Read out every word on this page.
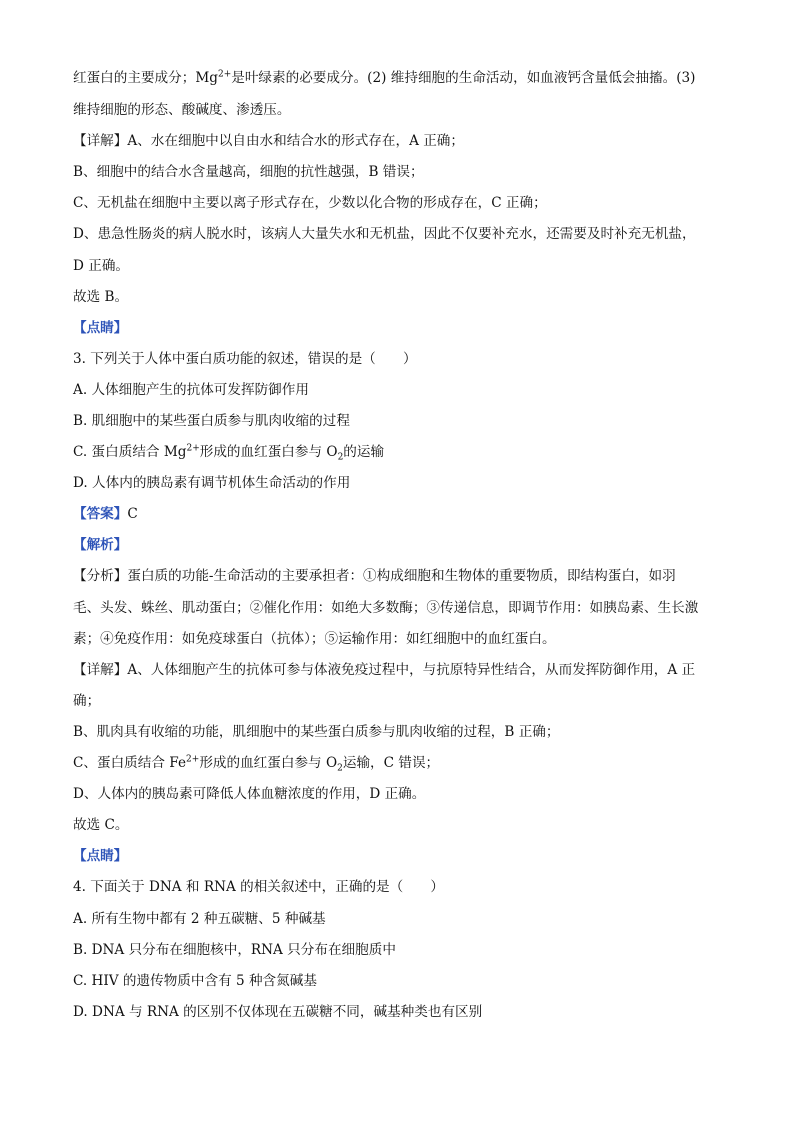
红蛋白的主要成分；$Mg^{2+}$是叶绿素的必要成分。(2) 维持细胞的生命活动，如血液钙含量低会抽搐。(3)
维持细胞的形态、酸碱度、渗透压。
【详解】A、水在细胞中以自由水和结合水的形式存在，A 正确；
B、细胞中的结合水含量越高，细胞的抗性越强，B 错误；
C、无机盐在细胞中主要以离子形式存在，少数以化合物的形成存在，C 正确；
D、患急性肠炎的病人脱水时，该病人大量失水和无机盐，因此不仅要补充水，还需要及时补充无机盐，
D 正确。
故选 B。
【点睛】
3. 下列关于人体中蛋白质功能的叙述，错误的是（　　）
A. 人体细胞产生的抗体可发挥防御作用
B. 肌细胞中的某些蛋白质参与肌肉收缩的过程
C. 蛋白质结合 $Mg^{2+}$形成的血红蛋白参与 $O_2$的运输
D. 人体内的胰岛素有调节机体生命活动的作用
【答案】C
【解析】
【分析】蛋白质的功能-生命活动的主要承担者：①构成细胞和生物体的重要物质，即结构蛋白，如羽
毛、头发、蛛丝、肌动蛋白；②催化作用：如绝大多数酶；③传递信息，即调节作用：如胰岛素、生长激
素；④免疫作用：如免疫球蛋白（抗体）；⑤运输作用：如红细胞中的血红蛋白。
【详解】A、人体细胞产生的抗体可参与体液免疫过程中，与抗原特异性结合，从而发挥防御作用，A 正
确；
B、肌肉具有收缩的功能，肌细胞中的某些蛋白质参与肌肉收缩的过程，B 正确；
C、蛋白质结合 $Fe^{2+}$形成的血红蛋白参与 $O_2$运输，C 错误；
D、人体内的胰岛素可降低人体血糖浓度的作用，D 正确。
故选 C。
【点睛】
4. 下面关于 DNA 和 RNA 的相关叙述中，正确的是（　　）
A. 所有生物中都有 2 种五碳糖、5 种碱基
B. DNA 只分布在细胞核中，RNA 只分布在细胞质中
C. HIV 的遗传物质中含有 5 种含氮碱基
D. DNA 与 RNA 的区别不仅体现在五碳糖不同，碱基种类也有区别
